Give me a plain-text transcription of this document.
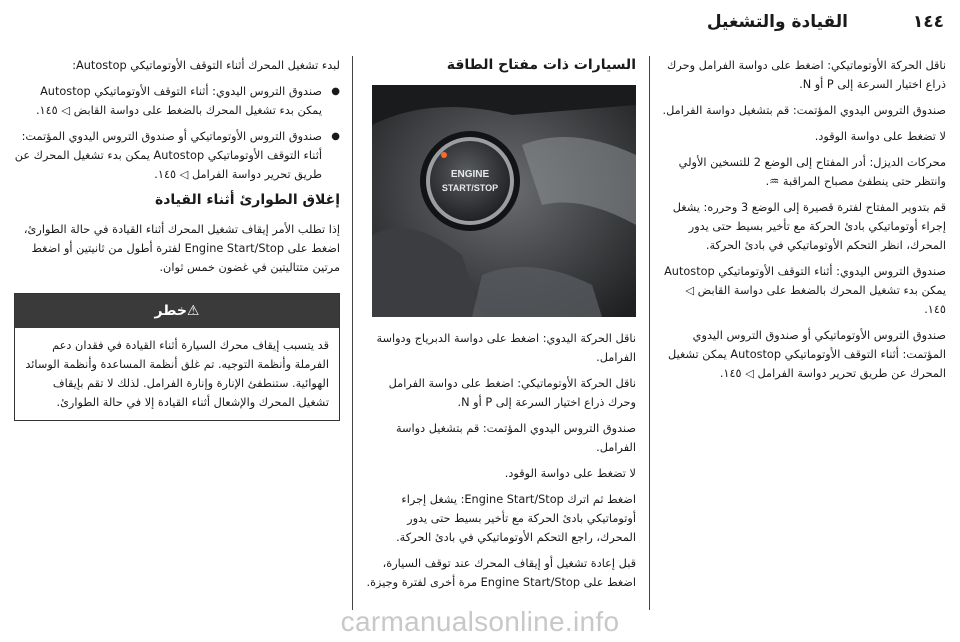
القيادة والتشغيل	١٤٤

ناقل الحركة الأوتوماتيكي: اضغط على دواسة الفرامل وحرك ذراع اختيار السرعة إلى P أو N.

صندوق التروس اليدوي المؤتمت: قم بتشغيل دواسة الفرامل.

لا تضغط على دواسة الوقود.

محركات الديزل: أدر المفتاح إلى الوضع 2 للتسخين الأولي وانتظر حتى ينطفئ مصباح المراقبة ♒.

قم بتدوير المفتاح لفترة قصيرة إلى الوضع 3 وحرره: يشغل إجراء أوتوماتيكي بادئ الحركة مع تأخير بسيط حتى يدور المحرك، انظر التحكم الأوتوماتيكي في بادئ الحركة.

صندوق التروس اليدوي: أثناء التوقف الأوتوماتيكي Autostop يمكن بدء تشغيل المحرك بالضغط على دواسة القابض ◁ ١٤٥.

صندوق التروس الأوتوماتيكي أو صندوق التروس اليدوي المؤتمت: أثناء التوقف الأوتوماتيكي Autostop يمكن تشغيل المحرك عن طريق تحرير دواسة الفرامل ◁ ١٤٥.

السيارات ذات مفتاح الطاقة
ENGINE
START/STOP

ناقل الحركة اليدوي: اضغط على دواسة الدبرياج ودواسة الفرامل.

ناقل الحركة الأوتوماتيكي: اضغط على دواسة الفرامل وحرك ذراع اختيار السرعة إلى P أو N.

صندوق التروس اليدوي المؤتمت: قم بتشغيل دواسة الفرامل.

لا تضغط على دواسة الوقود.

اضغط ثم اترك Engine Start/Stop: يشغل إجراء أوتوماتيكي بادئ الحركة مع تأخير بسيط حتى يدور المحرك، راجع التحكم الأوتوماتيكي في بادئ الحركة.

قبل إعادة تشغيل أو إيقاف المحرك عند توقف السيارة، اضغط على Engine Start/Stop مرة أخرى لفترة وجيزة.

لبدء تشغيل المحرك أثناء التوقف الأوتوماتيكي Autostop:

● صندوق التروس اليدوي: أثناء التوقف الأوتوماتيكي Autostop يمكن بدء تشغيل المحرك بالضغط على دواسة القابض ◁ ١٤٥.
● صندوق التروس الأوتوماتيكي أو صندوق التروس اليدوي المؤتمت: أثناء التوقف الأوتوماتيكي Autostop يمكن بدء تشغيل المحرك عن طريق تحرير دواسة الفرامل ◁ ١٤٥.
إغلاق الطوارئ أثناء القيادة

إذا تطلب الأمر إيقاف تشغيل المحرك أثناء القيادة في حالة الطوارئ، اضغط على Engine Start/Stop لفترة أطول من ثانيتين أو اضغط مرتين متتاليتين في غضون خمس ثوان.

⚠خطر
قد يتسبب إيقاف محرك السيارة أثناء القيادة في فقدان دعم الفرملة وأنظمة التوجيه. تم غلق أنظمة المساعدة وأنظمة الوسائد الهوائية. ستنطفئ الإنارة وإنارة الفرامل. لذلك لا تقم بإيقاف تشغيل المحرك والإشعال أثناء القيادة إلا في حالة الطوارئ.
carmanualsonline.info
